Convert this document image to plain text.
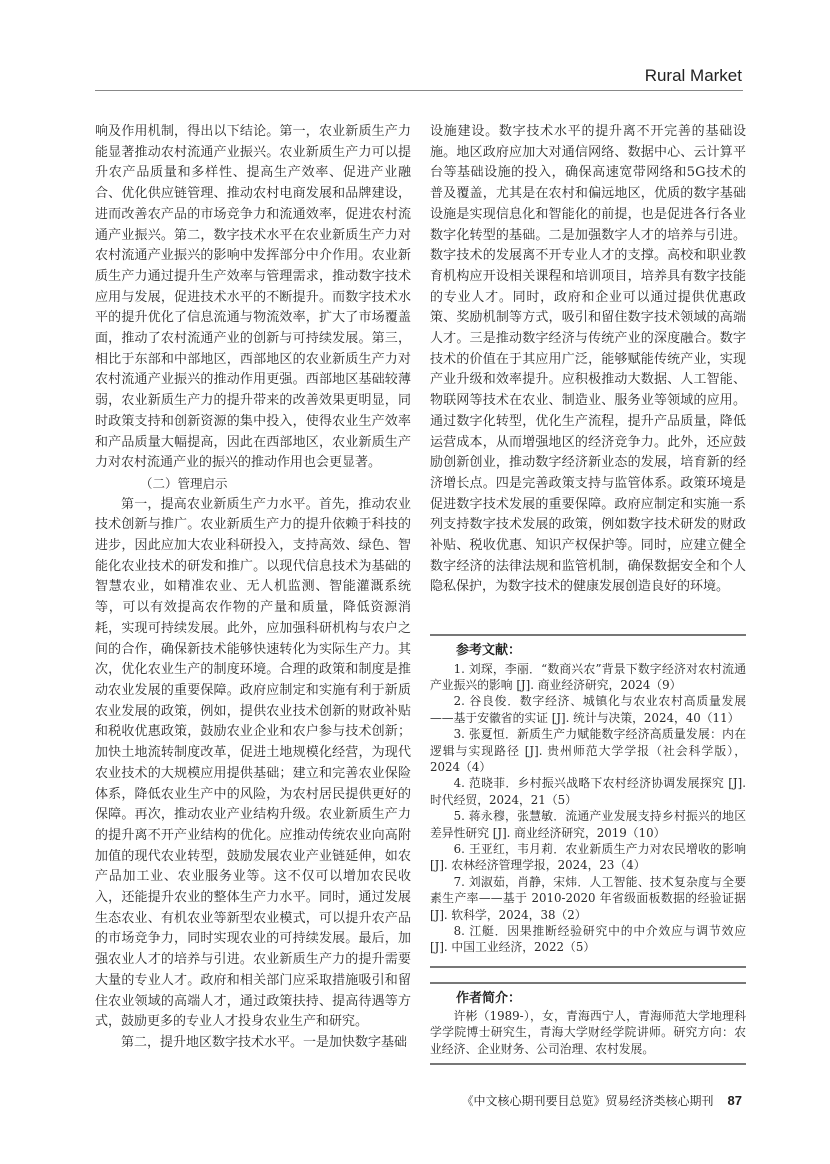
Rural Market

响及作用机制，得出以下结论。第一，农业新质生产力能显著推动农村流通产业振兴。农业新质生产力可以提升农产品质量和多样性、提高生产效率、促进产业融合、优化供应链管理、推动农村电商发展和品牌建设，进而改善农产品的市场竞争力和流通效率，促进农村流通产业振兴。第二，数字技术水平在农业新质生产力对农村流通产业振兴的影响中发挥部分中介作用。农业新质生产力通过提升生产效率与管理需求，推动数字技术应用与发展，促进技术水平的不断提升。而数字技术水平的提升优化了信息流通与物流效率，扩大了市场覆盖面，推动了农村流通产业的创新与可持续发展。第三，相比于东部和中部地区，西部地区的农业新质生产力对农村流通产业振兴的推动作用更强。西部地区基础较薄弱，农业新质生产力的提升带来的改善效果更明显，同时政策支持和创新资源的集中投入，使得农业生产效率和产品质量大幅提高，因此在西部地区，农业新质生产力对农村流通产业的振兴的推动作用也会更显著。

（二）管理启示

第一，提高农业新质生产力水平。首先，推动农业技术创新与推广。农业新质生产力的提升依赖于科技的进步，因此应加大农业科研投入，支持高效、绿色、智能化农业技术的研发和推广。以现代信息技术为基础的智慧农业，如精准农业、无人机监测、智能灌溉系统等，可以有效提高农作物的产量和质量，降低资源消耗，实现可持续发展。此外，应加强科研机构与农户之间的合作，确保新技术能够快速转化为实际生产力。其次，优化农业生产的制度环境。合理的政策和制度是推动农业发展的重要保障。政府应制定和实施有利于新质农业发展的政策，例如，提供农业技术创新的财政补贴和税收优惠政策，鼓励农业企业和农户参与技术创新；加快土地流转制度改革，促进土地规模化经营，为现代农业技术的大规模应用提供基础；建立和完善农业保险体系，降低农业生产中的风险，为农村居民提供更好的保障。再次，推动农业产业结构升级。农业新质生产力的提升离不开产业结构的优化。应推动传统农业向高附加值的现代农业转型，鼓励发展农业产业链延伸，如农产品加工业、农业服务业等。这不仅可以增加农民收入，还能提升农业的整体生产力水平。同时，通过发展生态农业、有机农业等新型农业模式，可以提升农产品的市场竞争力，同时实现农业的可持续发展。最后，加强农业人才的培养与引进。农业新质生产力的提升需要大量的专业人才。政府和相关部门应采取措施吸引和留住农业领域的高端人才，通过政策扶持、提高待遇等方式，鼓励更多的专业人才投身农业生产和研究。

第二，提升地区数字技术水平。一是加快数字基础

设施建设。数字技术水平的提升离不开完善的基础设施。地区政府应加大对通信网络、数据中心、云计算平台等基础设施的投入，确保高速宽带网络和5G技术的普及覆盖，尤其是在农村和偏远地区，优质的数字基础设施是实现信息化和智能化的前提，也是促进各行各业数字化转型的基础。二是加强数字人才的培养与引进。数字技术的发展离不开专业人才的支撑。高校和职业教育机构应开设相关课程和培训项目，培养具有数字技能的专业人才。同时，政府和企业可以通过提供优惠政策、奖励机制等方式，吸引和留住数字技术领域的高端人才。三是推动数字经济与传统产业的深度融合。数字技术的价值在于其应用广泛，能够赋能传统产业，实现产业升级和效率提升。应积极推动大数据、人工智能、物联网等技术在农业、制造业、服务业等领域的应用。通过数字化转型，优化生产流程，提升产品质量，降低运营成本，从而增强地区的经济竞争力。此外，还应鼓励创新创业，推动数字经济新业态的发展，培育新的经济增长点。四是完善政策支持与监管体系。政策环境是促进数字技术发展的重要保障。政府应制定和实施一系列支持数字技术发展的政策，例如数字技术研发的财政补贴、税收优惠、知识产权保护等。同时，应建立健全数字经济的法律法规和监管机制，确保数据安全和个人隐私保护，为数字技术的健康发展创造良好的环境。

参考文献：

1. 刘琛，李丽．“数商兴农”背景下数字经济对农村流通产业振兴的影响 [J]. 商业经济研究，2024（9）

2. 谷良俊．数字经济、城镇化与农业农村高质量发展——基于安徽省的实证 [J]. 统计与决策，2024，40（11）

3. 张夏恒．新质生产力赋能数字经济高质量发展：内在逻辑与实现路径 [J]. 贵州师范大学学报（社会科学版），2024（4）

4. 范晓菲．乡村振兴战略下农村经济协调发展探究 [J]. 时代经贸，2024，21（5）

5. 蒋永穆，张慧敏．流通产业发展支持乡村振兴的地区差异性研究 [J]. 商业经济研究，2019（10）

6. 王亚红，韦月莉．农业新质生产力对农民增收的影响 [J]. 农林经济管理学报，2024，23（4）

7. 刘淑茹，肖静，宋炜．人工智能、技术复杂度与全要素生产率——基于 2010-2020 年省级面板数据的经验证据 [J]. 软科学，2024，38（2）

8. 江艇．因果推断经验研究中的中介效应与调节效应 [J]. 中国工业经济，2022（5）

作者简介：

许彬（1989-），女，青海西宁人，青海师范大学地理科学学院博士研究生，青海大学财经学院讲师。研究方向：农业经济、企业财务、公司治理、农村发展。

《中文核心期刊要目总览》贸易经济类核心期刊 87
